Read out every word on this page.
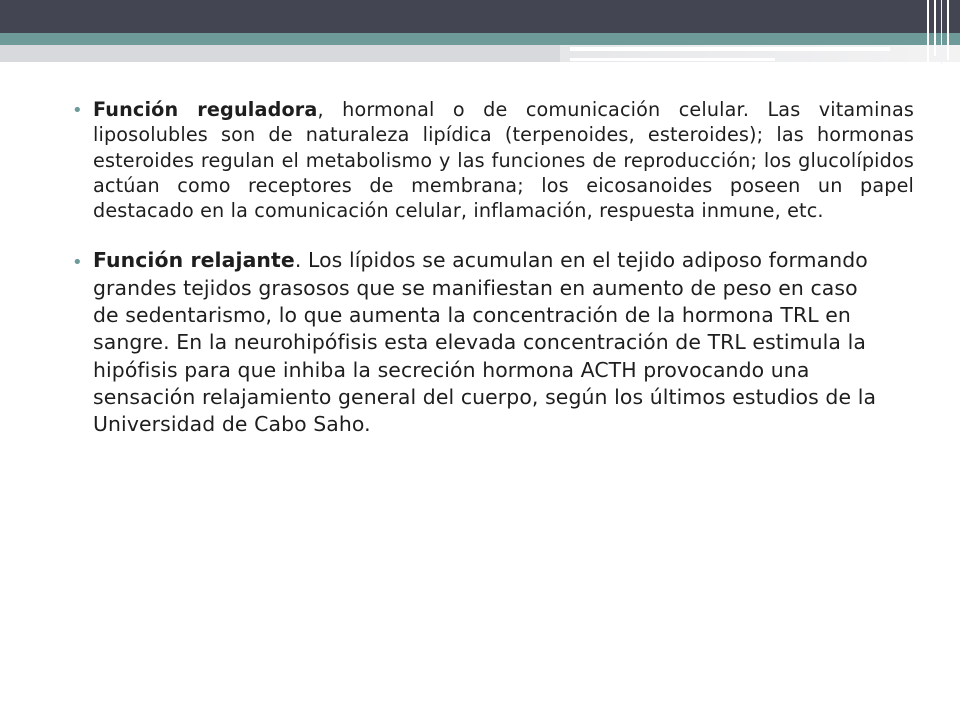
• Función reguladora, hormonal o de comunicación celular. Las vitaminas liposolubles son de naturaleza lipídica (terpenoides, esteroides); las hormonas esteroides regulan el metabolismo y las funciones de reproducción; los glucolípidos actúan como receptores de membrana; los eicosanoides poseen un papel destacado en la comunicación celular, inflamación, respuesta inmune, etc.
• Función relajante. Los lípidos se acumulan en el tejido adiposo formando grandes tejidos grasosos que se manifiestan en aumento de peso en caso de sedentarismo, lo que aumenta la concentración de la hormona TRL en sangre. En la neurohipófisis esta elevada concentración de TRL estimula la hipófisis para que inhiba la secreción hormona ACTH provocando una sensación relajamiento general del cuerpo, según los últimos estudios de la Universidad de Cabo Saho.
